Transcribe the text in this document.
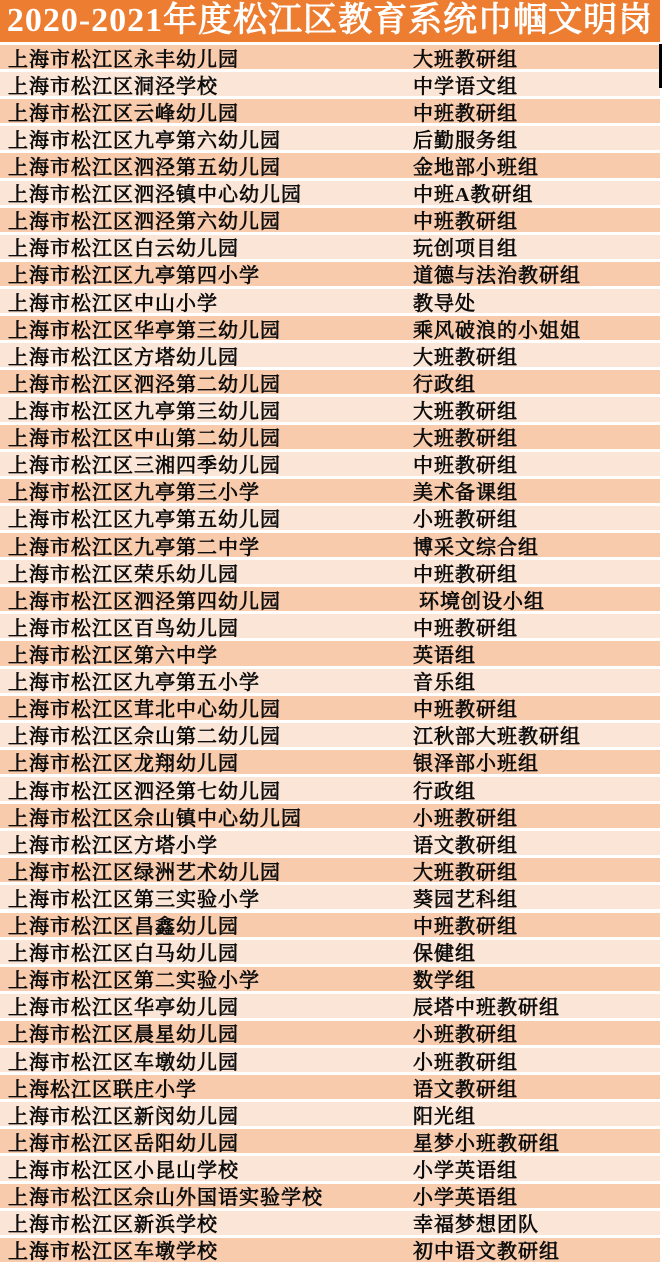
2020-2021年度松江区教育系统巾帼文明岗
上海市松江区永丰幼儿园	大班教研组
上海市松江区洞泾学校	中学语文组
上海市松江区云峰幼儿园	中班教研组
上海市松江区九亭第六幼儿园	后勤服务组
上海市松江区泗泾第五幼儿园	金地部小班组
上海市松江区泗泾镇中心幼儿园	中班A教研组
上海市松江区泗泾第六幼儿园	中班教研组
上海市松江区白云幼儿园	玩创项目组
上海市松江区九亭第四小学	道德与法治教研组
上海市松江区中山小学	教导处
上海市松江区华亭第三幼儿园	乘风破浪的小姐姐
上海市松江区方塔幼儿园	大班教研组
上海市松江区泗泾第二幼儿园	行政组
上海市松江区九亭第三幼儿园	大班教研组
上海市松江区中山第二幼儿园	大班教研组
上海市松江区三湘四季幼儿园	中班教研组
上海市松江区九亭第三小学	美术备课组
上海市松江区九亭第五幼儿园	小班教研组
上海市松江区九亭第二中学	博采文综合组
上海市松江区荣乐幼儿园	中班教研组
上海市松江区泗泾第四幼儿园	环境创设小组
上海市松江区百鸟幼儿园	中班教研组
上海市松江区第六中学	英语组
上海市松江区九亭第五小学	音乐组
上海市松江区茸北中心幼儿园	中班教研组
上海市松江区佘山第二幼儿园	江秋部大班教研组
上海市松江区龙翔幼儿园	银泽部小班组
上海市松江区泗泾第七幼儿园	行政组
上海市松江区佘山镇中心幼儿园	小班教研组
上海市松江区方塔小学	语文教研组
上海市松江区绿洲艺术幼儿园	大班教研组
上海市松江区第三实验小学	葵园艺科组
上海市松江区昌鑫幼儿园	中班教研组
上海市松江区白马幼儿园	保健组
上海市松江区第二实验小学	数学组
上海市松江区华亭幼儿园	辰塔中班教研组
上海市松江区晨星幼儿园	小班教研组
上海市松江区车墩幼儿园	小班教研组
上海松江区联庄小学	语文教研组
上海市松江区新闵幼儿园	阳光组
上海市松江区岳阳幼儿园	星梦小班教研组
上海市松江区小昆山学校	小学英语组
上海市松江区佘山外国语实验学校	小学英语组
上海市松江区新浜学校	幸福梦想团队
上海市松江区车墩学校	初中语文教研组
